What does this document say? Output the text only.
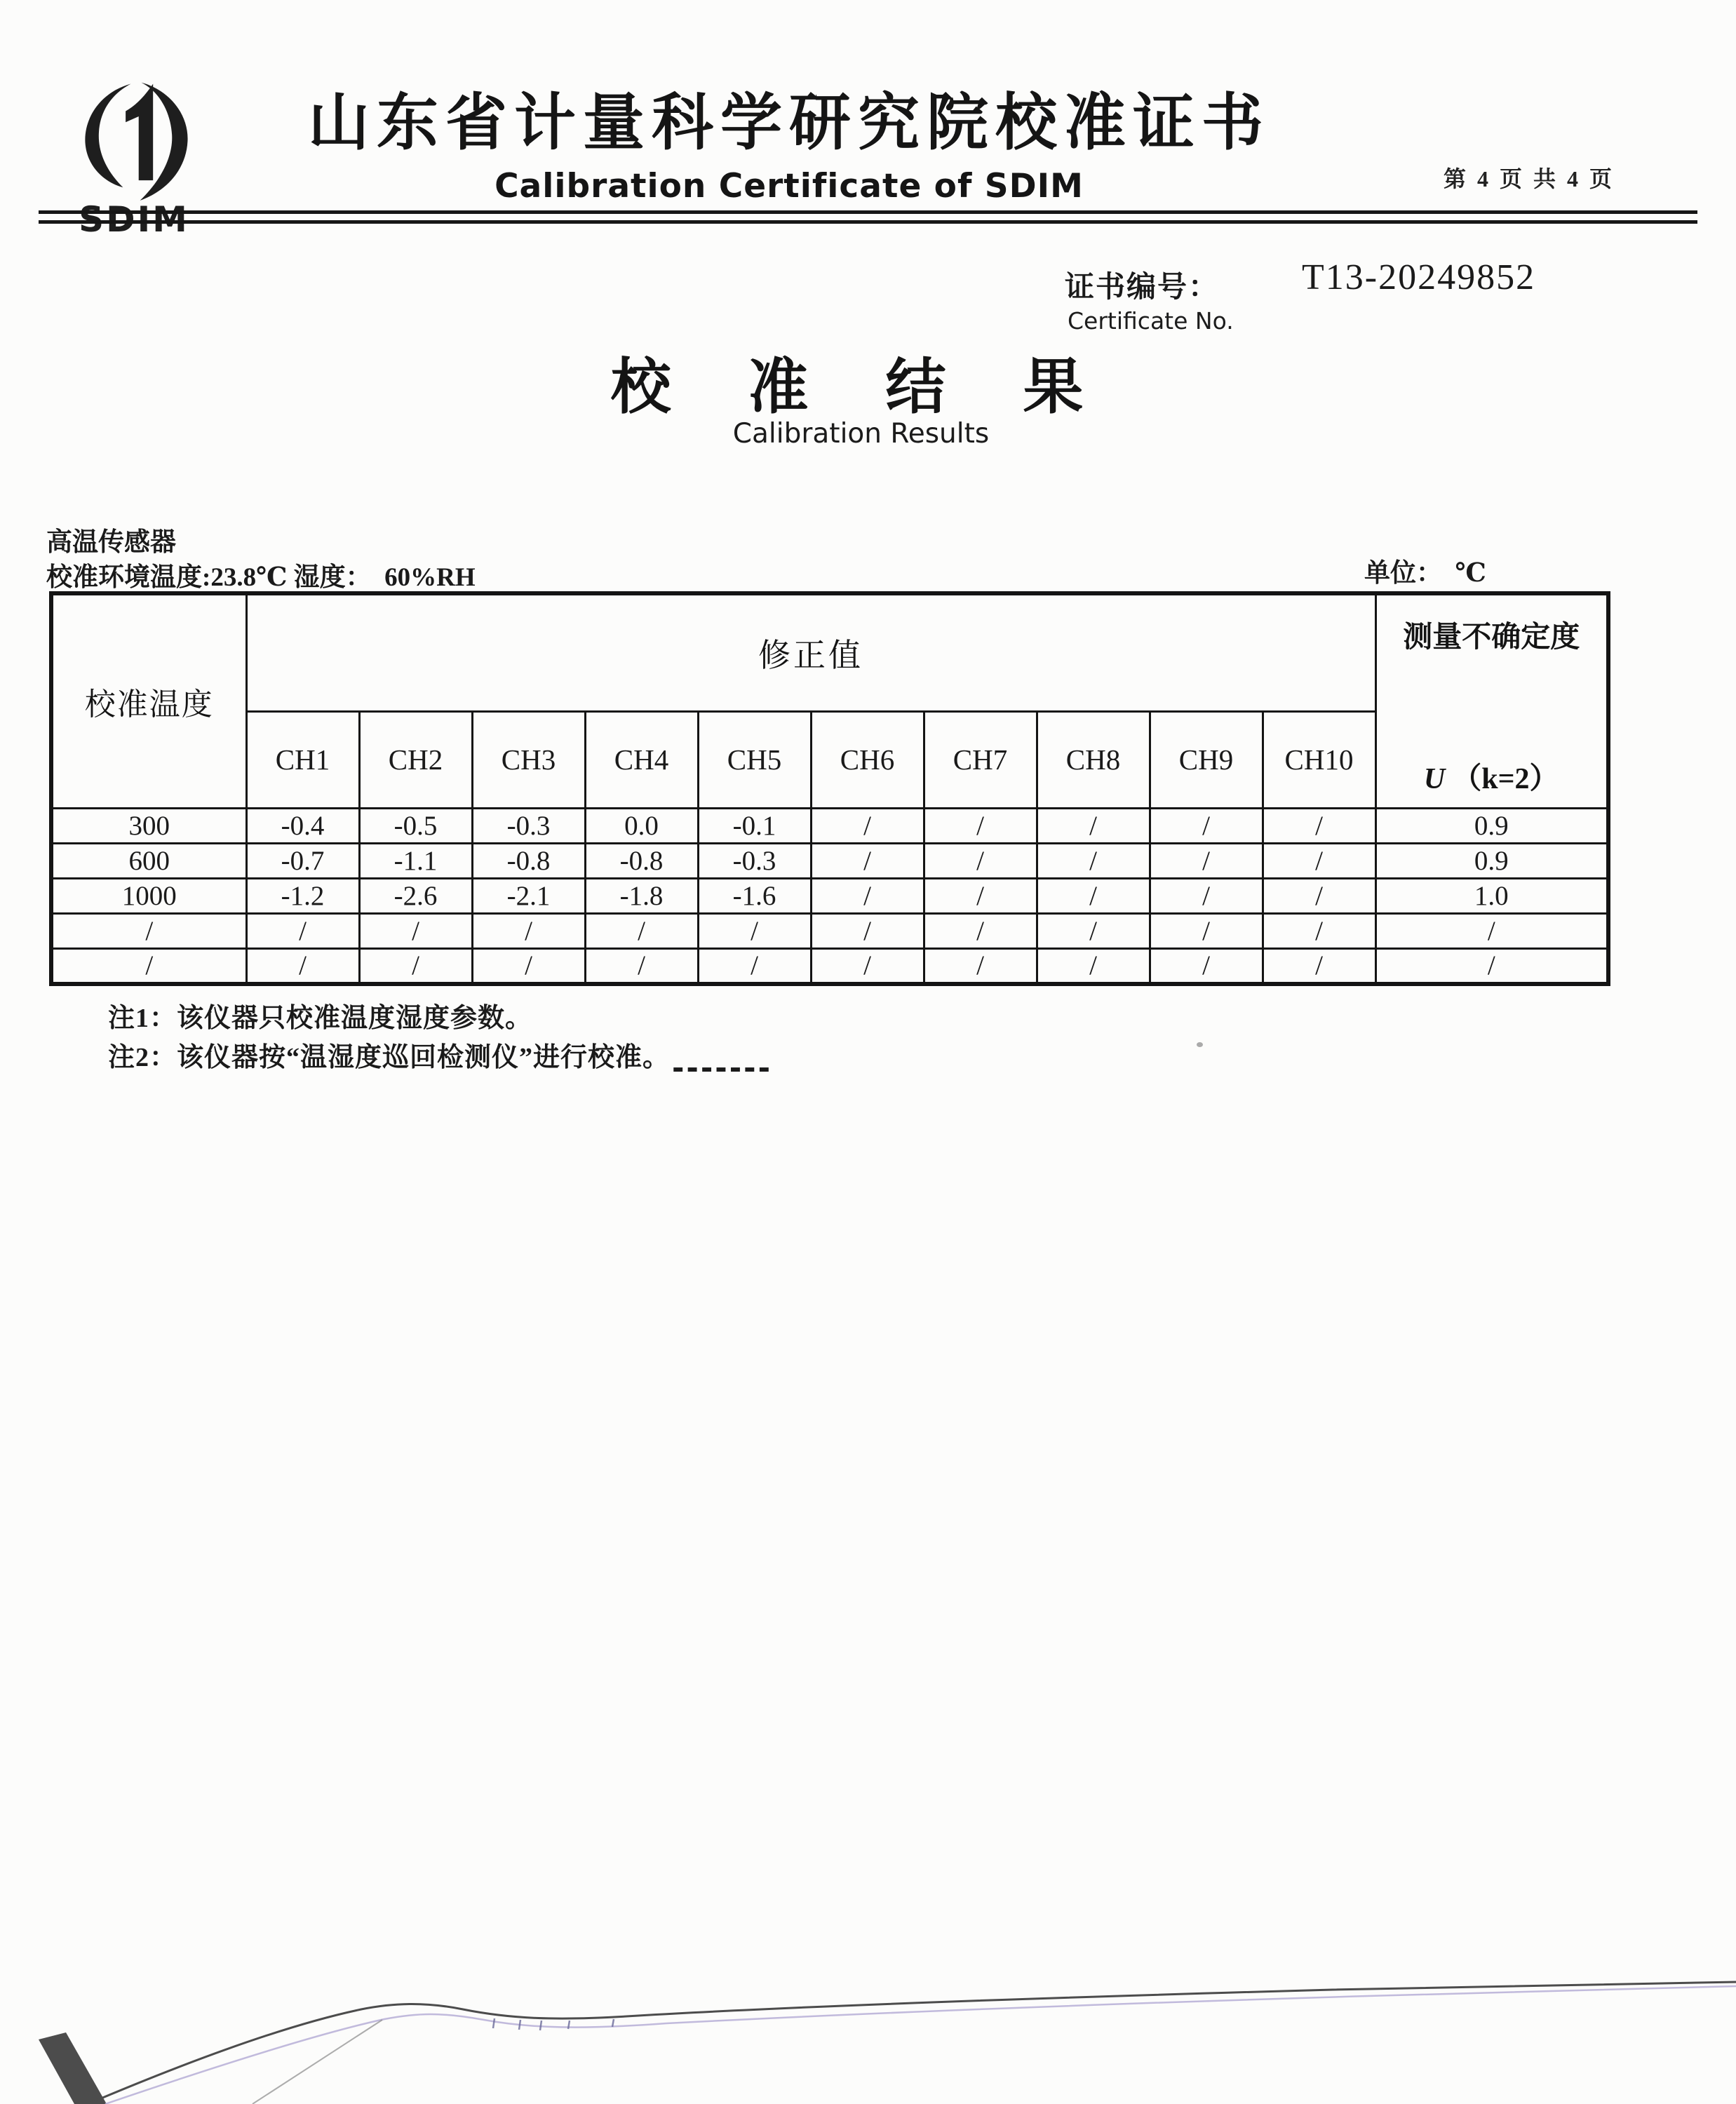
SDIM
山东省计量科学研究院校准证书
Calibration Certificate of SDIM	第 4 页 共 4 页
证书编号：
Certificate No.
T13-20249852
校 准 结 果
Calibration Results
高温传感器
校准环境温度:23.8℃ 湿度：  60%RH	单位：  ℃
校准温度	修正值										测量不确定度
U （k=2）

	CH1	CH2	CH3	CH4	CH5	CH6	CH7	CH8	CH9	CH10	
300	-0.4	-0.5	-0.3	0.0	-0.1	/	/	/	/	/	0.9
600	-0.7	-1.1	-0.8	-0.8	-0.3	/	/	/	/	/	0.9
1000	-1.2	-2.6	-2.1	-1.8	-1.6	/	/	/	/	/	1.0
/	/	/	/	/	/	/	/	/	/	/	/
/	/	/	/	/	/	/	/	/	/	/	/
注1：该仪器只校准温度湿度参数。
注2：该仪器按“温湿度巡回检测仪”进行校准。 -------
